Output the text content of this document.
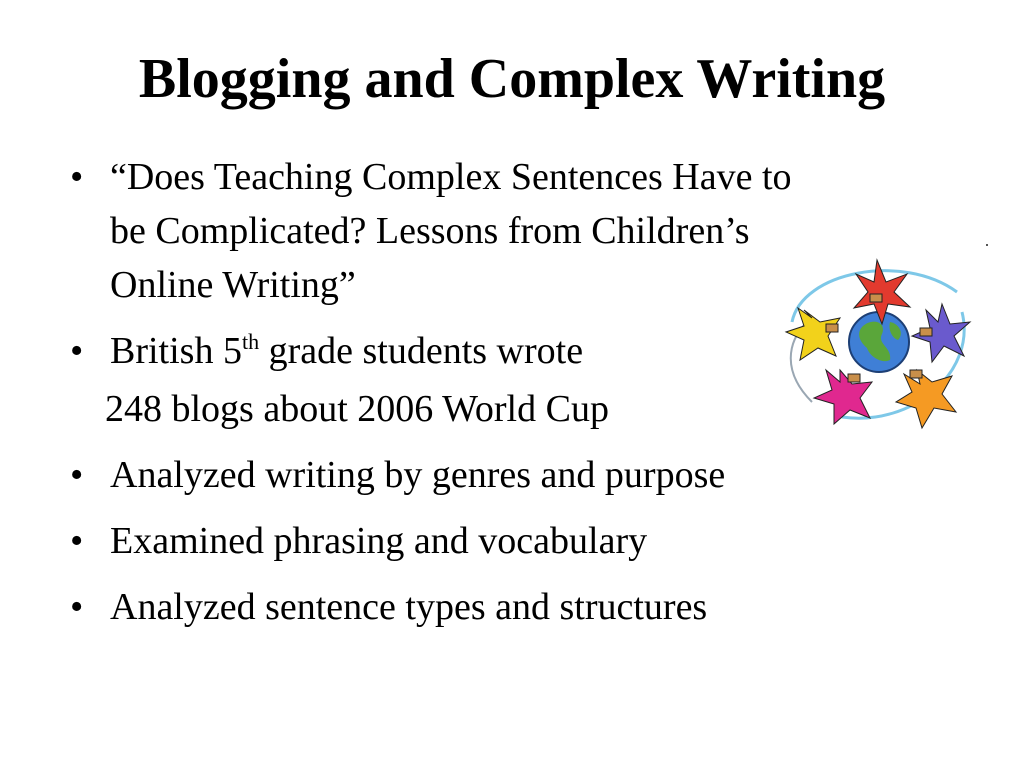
Blogging and Complex Writing
• “Does Teaching Complex Sentences Have to
be Complicated? Lessons from Children’s
Online Writing”
• British 5th grade students wrote
248 blogs about 2006 World Cup
• Analyzed writing by genres and purpose
• Examined phrasing and vocabulary
• Analyzed sentence types and structures
